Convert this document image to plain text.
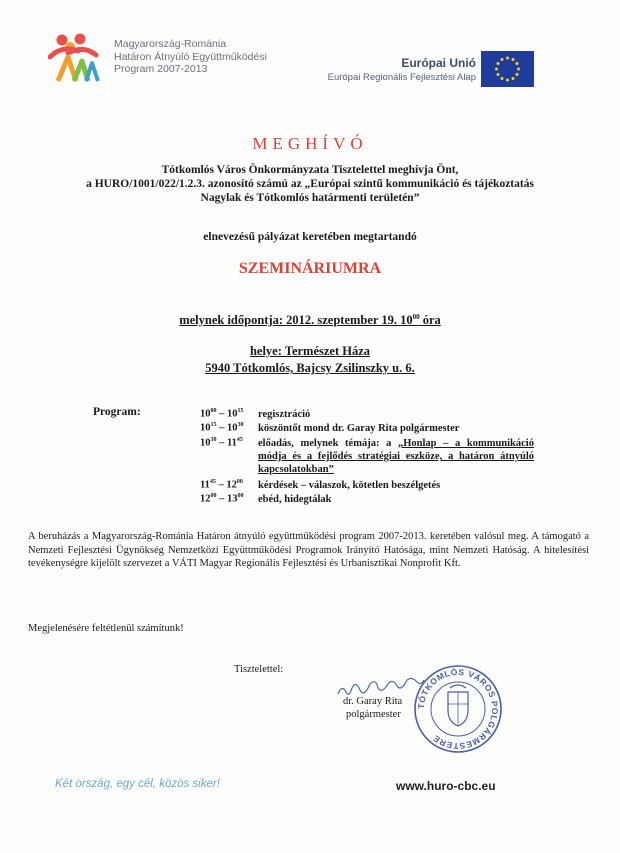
Magyarország-Románia
Határon Átnyúló Együttműködési
Program 2007-2013	Európai Unió
Európai Regionális Fejlesztési Alap
MEGHÍVÓ
Tótkomlós Város Önkormányzata Tisztelettel meghívja Önt,
a HURO/1001/022/1.2.3. azonosító számú az „Európai szintű kommunikáció és tájékoztatás
Nagylak és Tótkomlós határmenti területén”
elnevezésű pályázat keretében megtartandó
SZEMINÁRIUMRA
melynek időpontja: 2012. szeptember 19. $10^{00}$ óra
helye: Természet Háza
5940 Tótkomlós, Bajcsy Zsilinszky u. 6.
Program:	$10^{00} - 10^{15}$	regisztráció
$10^{15} - 10^{30}$	köszöntőt mond dr. Garay Rita polgármester
$10^{30} - 11^{45}$	előadás, melynek témája: a „Honlap – a kommunikáció módja és a fejlődés stratégiai eszköze, a határon átnyúló kapcsolatokban”
$11^{45} - 12^{00}$	kérdések – válaszok, kötetlen beszélgetés
$12^{00} - 13^{00}$	ebéd, hidegtálak
A beruházás a Magyarország-Románia Határon átnyúló együttműködési program 2007-2013. keretében valósul meg. A támogató a Nemzeti Fejlesztési Ügynökség Nemzetközi Együttműködési Programok Irányító Hatósága, mint Nemzeti Hatóság. A hitelesítési tevékenységre kijelölt szervezet a VÁTI Magyar Regionális Fejlesztési és Urbanisztikai Nonprofit Kft.
Megjelenésére feltétlenül számítunk!
Tisztelettel:
dr. Garay Rita
polgármester
TÓTKOMLÓS VÁROS POLGÁRMESTERE
Két ország, egy cél, közös siker!	www.huro-cbc.eu
